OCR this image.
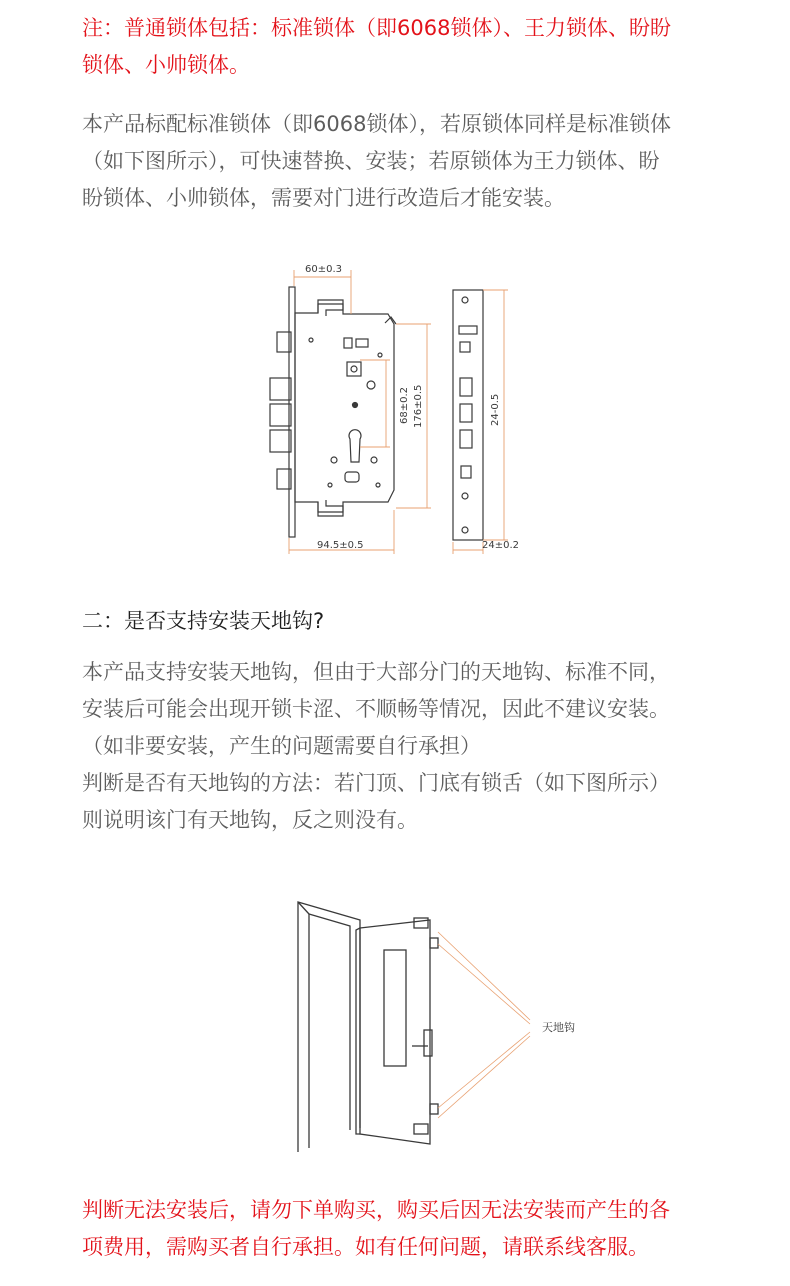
注：普通锁体包括：标准锁体（即6068锁体）、王力锁体、盼盼
锁体、小帅锁体。
本产品标配标准锁体（即6068锁体），若原锁体同样是标准锁体
（如下图所示），可快速替换、安装；若原锁体为王力锁体、盼
盼锁体、小帅锁体，需要对门进行改造后才能安装。
60±0.3
68±0.2 176±0.5	24-0.5
94.5±0.5	24±0.2
二：是否支持安装天地钩?
本产品支持安装天地钩，但由于大部分门的天地钩、标准不同，
安装后可能会出现开锁卡涩、不顺畅等情况，因此不建议安装。
（如非要安装，产生的问题需要自行承担）
判断是否有天地钩的方法：若门顶、门底有锁舌（如下图所示）
则说明该门有天地钩，反之则没有。
天地钩
判断无法安装后，请勿下单购买，购买后因无法安装而产生的各
项费用，需购买者自行承担。如有任何问题，请联系线客服。
